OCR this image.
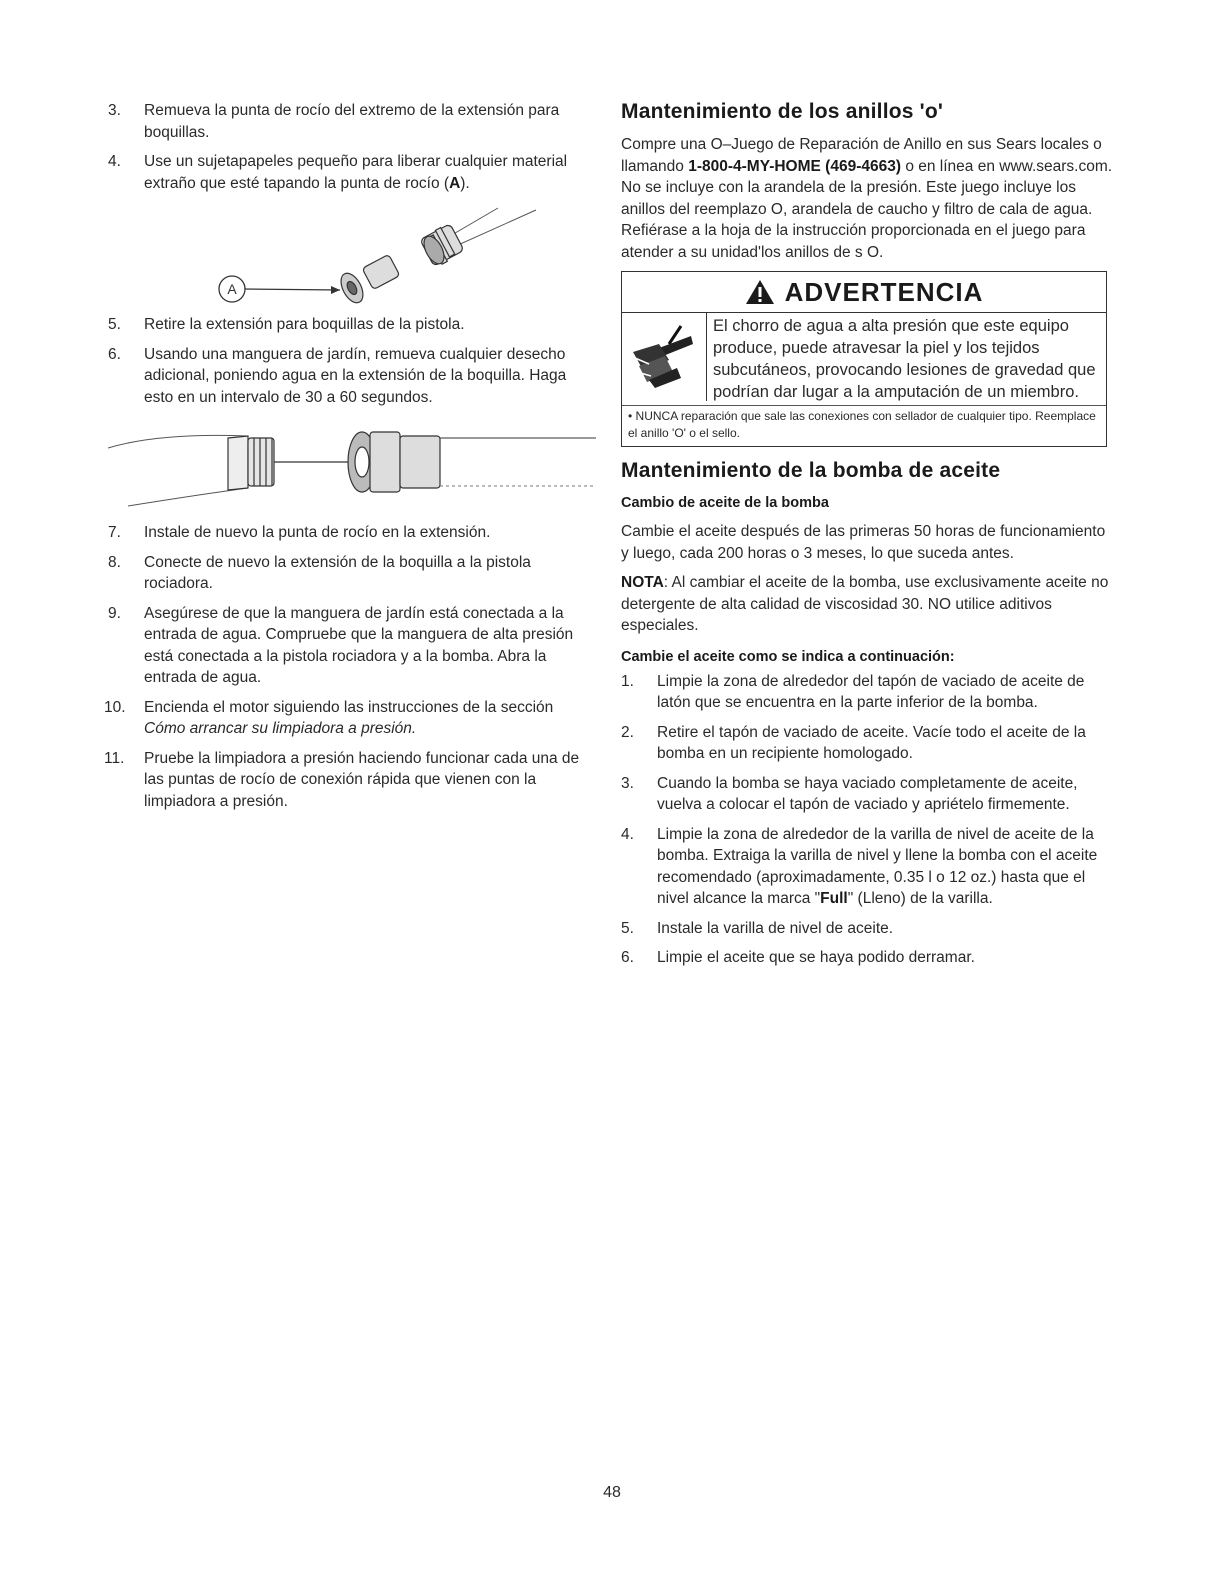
3. Remueva la punta de rocío del extremo de la extensión para boquillas.
4. Use un sujetapapeles pequeño para liberar cualquier material extraño que esté tapando la punta de rocío (A).
A
5. Retire la extensión para boquillas de la pistola.
6. Usando una manguera de jardín, remueva cualquier desecho adicional, poniendo agua en la extensión de la boquilla. Haga esto en un intervalo de 30 a 60 segundos.
7. Instale de nuevo la punta de rocío en la extensión.
8. Conecte de nuevo la extensión de la boquilla a la pistola rociadora.
9. Asegúrese de que la manguera de jardín está conectada a la entrada de agua. Compruebe que la manguera de alta presión está conectada a la pistola rociadora y a la bomba. Abra la entrada de agua.
10. Encienda el motor siguiendo las instrucciones de la sección
Cómo arrancar su limpiadora a presión.
11. Pruebe la limpiadora a presión haciendo funcionar cada una de las puntas de rocío de conexión rápida que vienen con la limpiadora a presión.
Mantenimiento de los anillos 'o'

Compre una O–Juego de Reparación de Anillo en sus Sears locales o llamando 1-800-4-MY-HOME (469-4663) o en línea en www.sears.com. No se incluye con la arandela de la presión. Este juego incluye los anillos del reemplazo O, arandela de caucho y filtro de cala de agua. Refiérase a la hoja de la instrucción proporcionada en el juego para atender a su unidad'los anillos de s O.

ADVERTENCIA
El chorro de agua a alta presión que este equipo produce, puede atravesar la piel y los tejidos subcutáneos, provocando lesiones de gravedad que podrían dar lugar a la amputación de un miembro.
• NUNCA reparación que sale las conexiones con sellador de cualquier tipo. Reemplace el anillo 'O' o el sello.
Mantenimiento de la bomba de aceite
Cambio de aceite de la bomba

Cambie el aceite después de las primeras 50 horas de funcionamiento y luego, cada 200 horas o 3 meses, lo que suceda antes.

NOTA: Al cambiar el aceite de la bomba, use exclusivamente aceite no detergente de alta calidad de viscosidad 30. NO utilice aditivos especiales.

Cambie el aceite como se indica a continuación:
1. Limpie la zona de alrededor del tapón de vaciado de aceite de latón que se encuentra en la parte inferior de la bomba.
2. Retire el tapón de vaciado de aceite. Vacíe todo el aceite de la bomba en un recipiente homologado.
3. Cuando la bomba se haya vaciado completamente de aceite, vuelva a colocar el tapón de vaciado y apriételo firmemente.
4. Limpie la zona de alrededor de la varilla de nivel de aceite de la bomba. Extraiga la varilla de nivel y llene la bomba con el aceite recomendado (aproximadamente, 0.35 l o 12 oz.) hasta que el nivel alcance la marca "Full" (Lleno) de la varilla.
5. Instale la varilla de nivel de aceite.
6. Limpie el aceite que se haya podido derramar.
48
